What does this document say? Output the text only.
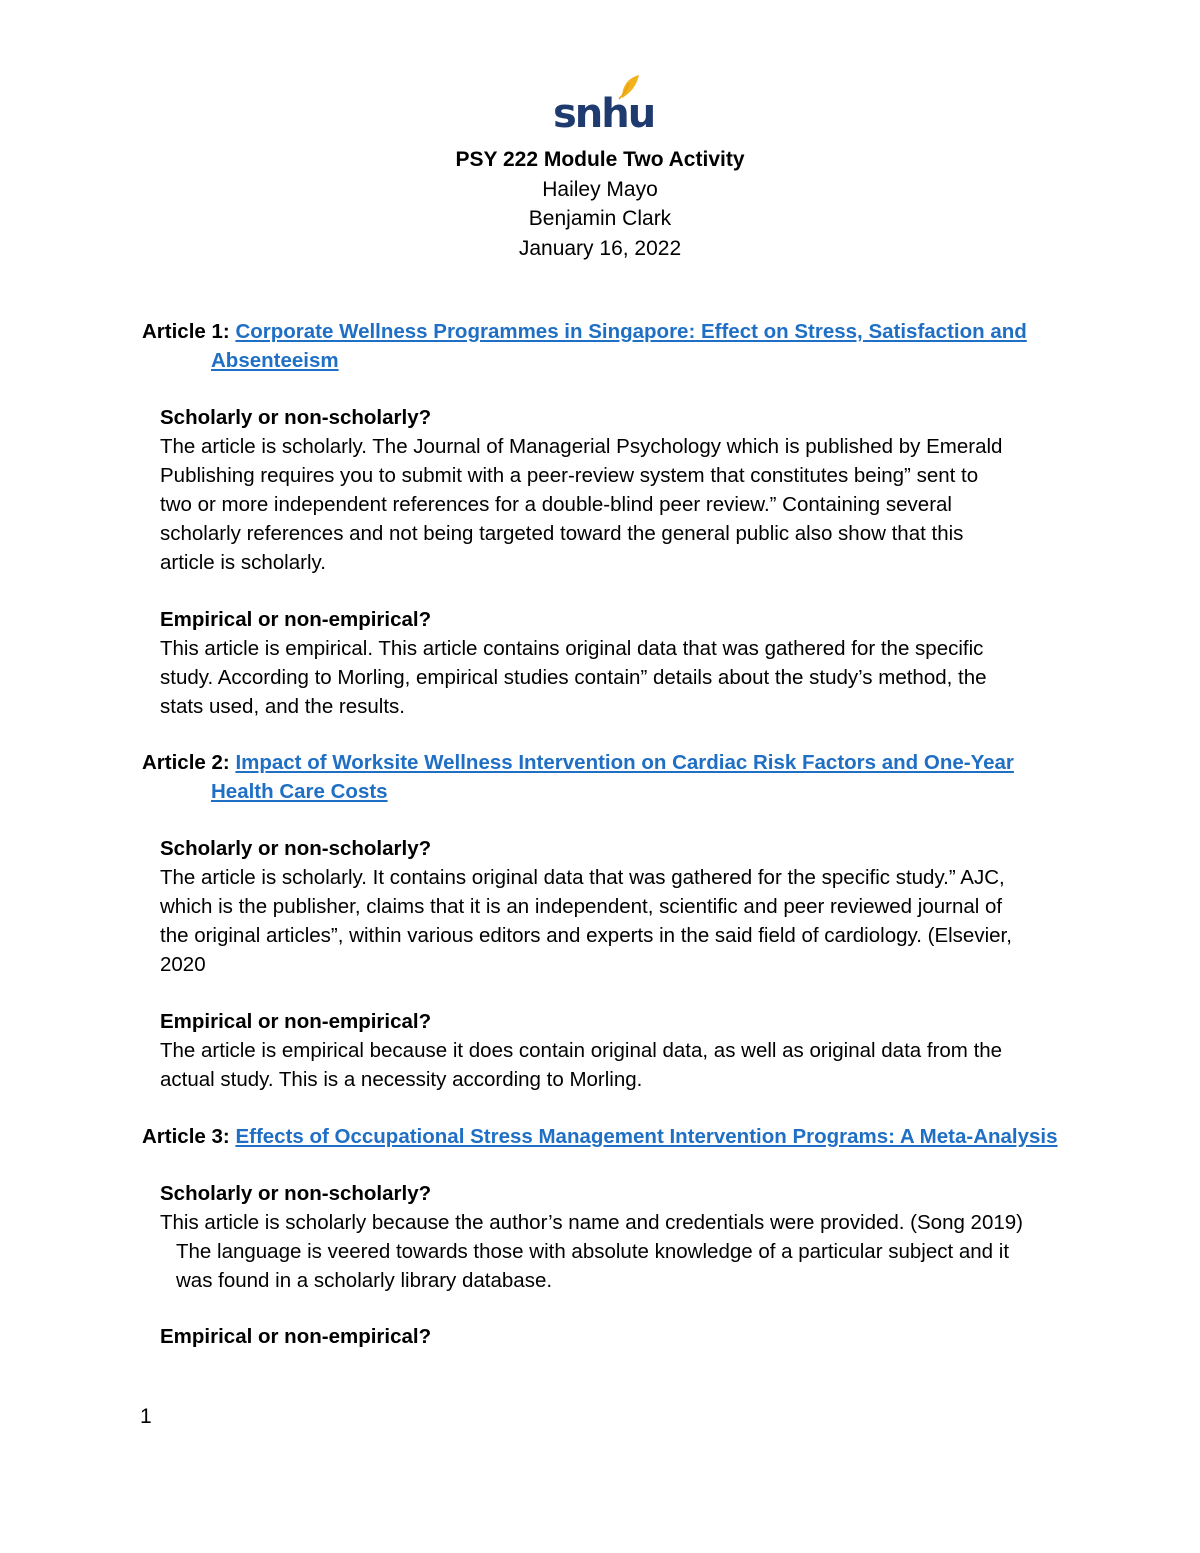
snhu
PSY 222 Module Two Activity
Hailey Mayo
Benjamin Clark
January 16, 2022
Article 1: Corporate Wellness Programmes in Singapore: Effect on Stress, Satisfaction and
Absenteeism
Scholarly or non-scholarly?
The article is scholarly. The Journal of Managerial Psychology which is published by Emerald
Publishing requires you to submit with a peer-review system that constitutes being” sent to
two or more independent references for a double-blind peer review.” Containing several
scholarly references and not being targeted toward the general public also show that this
article is scholarly.
Empirical or non-empirical?
This article is empirical. This article contains original data that was gathered for the specific
study. According to Morling, empirical studies contain” details about the study’s method, the
stats used, and the results.
Article 2: Impact of Worksite Wellness Intervention on Cardiac Risk Factors and One-Year
Health Care Costs
Scholarly or non-scholarly?
The article is scholarly. It contains original data that was gathered for the specific study.” AJC,
which is the publisher, claims that it is an independent, scientific and peer reviewed journal of
the original articles”, within various editors and experts in the said field of cardiology. (Elsevier,
2020
Empirical or non-empirical?
The article is empirical because it does contain original data, as well as original data from the
actual study. This is a necessity according to Morling.
Article 3: Effects of Occupational Stress Management Intervention Programs: A Meta-Analysis
Scholarly or non-scholarly?
This article is scholarly because the author’s name and credentials were provided. (Song 2019)
The language is veered towards those with absolute knowledge of a particular subject and it
was found in a scholarly library database.
Empirical or non-empirical?
1
